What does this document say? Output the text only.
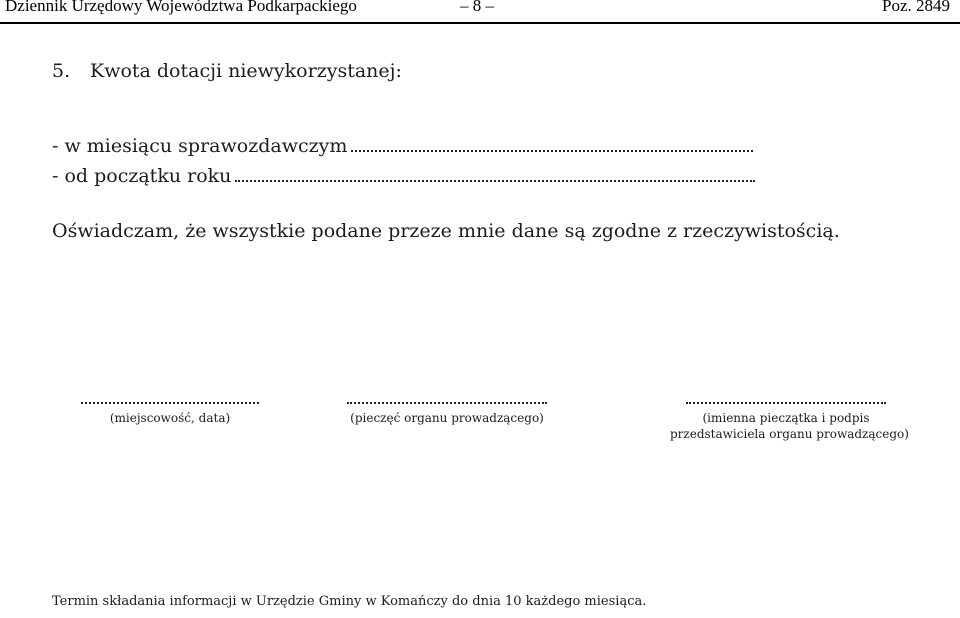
Dziennik Urzędowy Województwa Podkarpackiego	– 8 –	Poz. 2849
5. Kwota dotacji niewykorzystanej:
- w miesiącu sprawozdawczym
- od początku roku
Oświadczam, że wszystkie podane przeze mnie dane są zgodne z rzeczywistością.
(miejscowość, data)	(pieczęć organu prowadzącego)	(imienna pieczątka i podpis
przedstawiciela organu prowadzącego)
Termin składania informacji w Urzędzie Gminy w Komańczy do dnia 10 każdego miesiąca.
